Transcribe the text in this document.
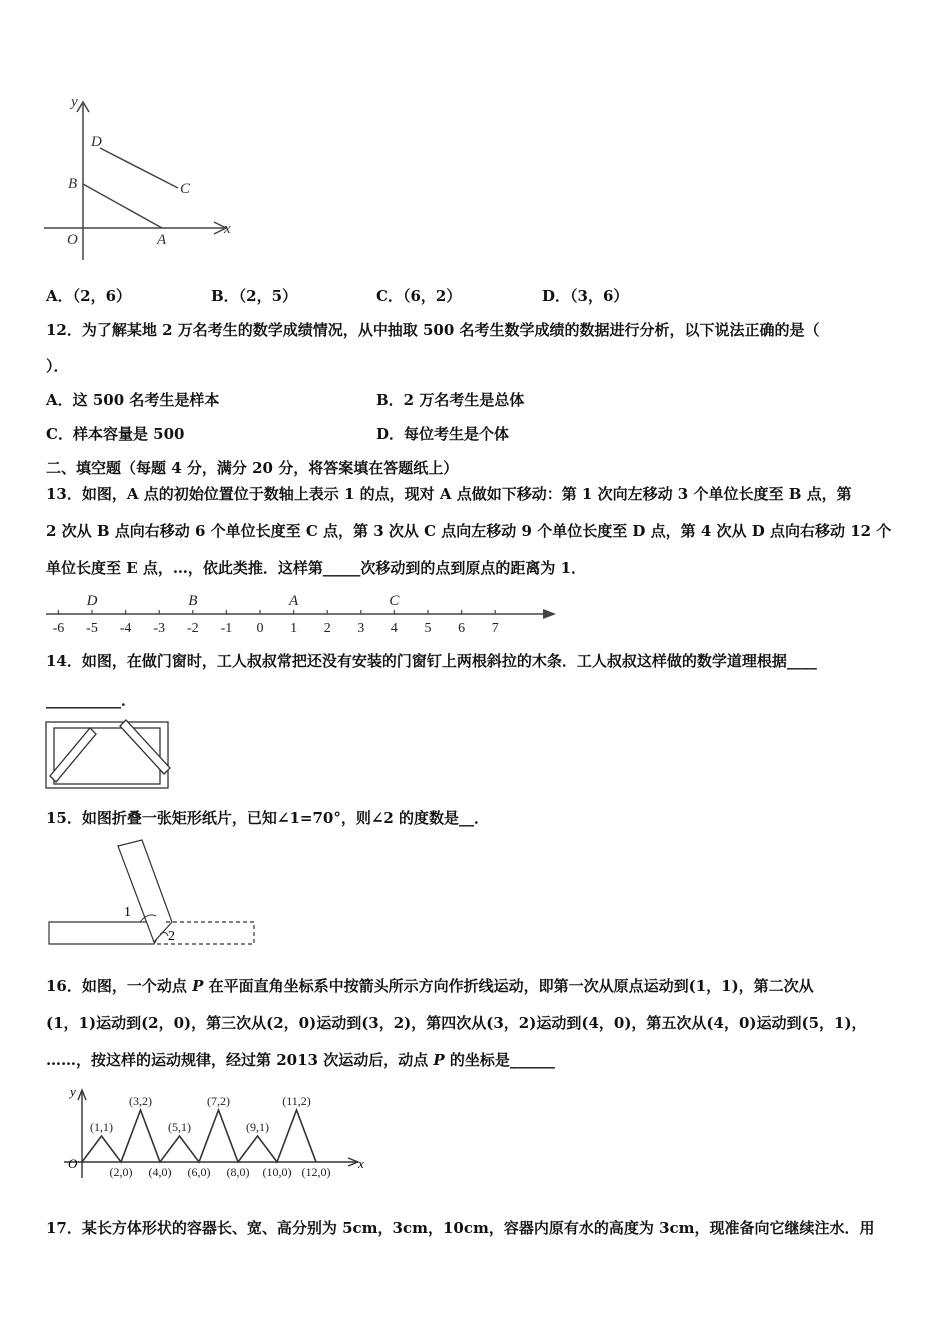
y
x
O	A
B	C
D
A．（2，6）	B．（2，5）	C．（6，2）	D．（3，6）
12．为了解某地 2 万名考生的数学成绩情况，从中抽取 500 名考生数学成绩的数据进行分析，以下说法正确的是（
）．
A．这 500 名考生是样本	B．2 万名考生是总体
C．样本容量是 500	D．每位考生是个体
二、填空题（每题 4 分，满分 20 分，将答案填在答题纸上）
13．如图，A 点的初始位置位于数轴上表示 1 的点，现对 A 点做如下移动：第 1 次向左移动 3 个单位长度至 B 点，第
2 次从 B 点向右移动 6 个单位长度至 C 点，第 3 次从 C 点向左移动 9 个单位长度至 D 点，第 4 次从 D 点向右移动 12 个
单位长度至 E 点，…，依此类推．这样第_____次移动到的点到原点的距离为 1．
-6 -5 -4 -3 -2 -1 0 1 2 3 4 5 6 7
D	B	A	C
14．如图，在做门窗时，工人叔叔常把还没有安装的门窗钉上两根斜拉的木条．工人叔叔这样做的数学道理根据____
__________．
15．如图折叠一张矩形纸片，已知∠1=70°，则∠2 的度数是__．
1
2
16．如图，一个动点 P 在平面直角坐标系中按箭头所示方向作折线运动，即第一次从原点运动到(1，1)，第二次从
(1，1)运动到(2，0)，第三次从(2，0)运动到(3，2)，第四次从(3，2)运动到(4，0)，第五次从(4，0)运动到(5，1)，
……，按这样的运动规律，经过第 2013 次运动后，动点 P 的坐标是______
(1,1)
(3,2)
(5,1)
(7,2)
(9,1)
(11,2)
(2,0) (4,0) (6,0) (8,0) (10,0) (12,0)
y
x
O
17．某长方体形状的容器长、宽、高分别为 5cm，3cm，10cm，容器内原有水的高度为 3cm，现准备向它继续注水．用
